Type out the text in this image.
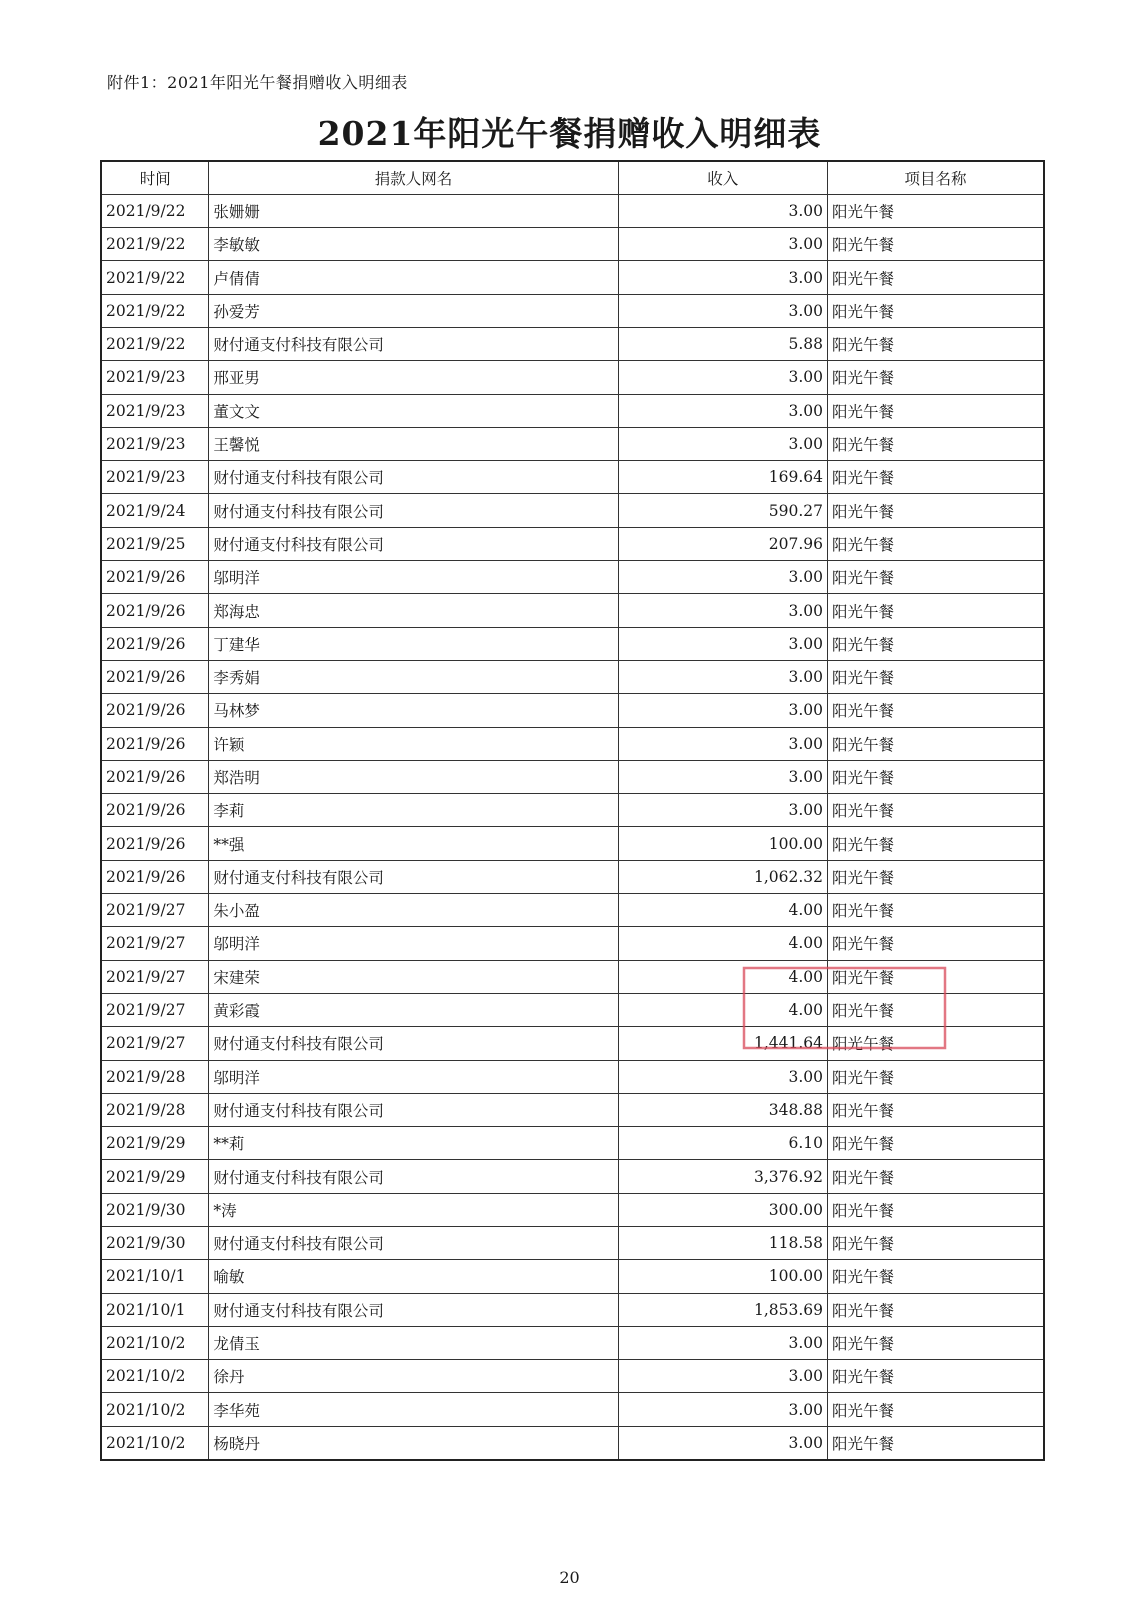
附件1：2021年阳光午餐捐赠收入明细表
2021年阳光午餐捐赠收入明细表
时间	捐款人网名	收入	项目名称
2021/9/22	张姗姗	3.00	阳光午餐
2021/9/22	李敏敏	3.00	阳光午餐
2021/9/22	卢倩倩	3.00	阳光午餐
2021/9/22	孙爱芳	3.00	阳光午餐
2021/9/22	财付通支付科技有限公司	5.88	阳光午餐
2021/9/23	邢亚男	3.00	阳光午餐
2021/9/23	董文文	3.00	阳光午餐
2021/9/23	王馨悦	3.00	阳光午餐
2021/9/23	财付通支付科技有限公司	169.64	阳光午餐
2021/9/24	财付通支付科技有限公司	590.27	阳光午餐
2021/9/25	财付通支付科技有限公司	207.96	阳光午餐
2021/9/26	邬明洋	3.00	阳光午餐
2021/9/26	郑海忠	3.00	阳光午餐
2021/9/26	丁建华	3.00	阳光午餐
2021/9/26	李秀娟	3.00	阳光午餐
2021/9/26	马林梦	3.00	阳光午餐
2021/9/26	许颖	3.00	阳光午餐
2021/9/26	郑浩明	3.00	阳光午餐
2021/9/26	李莉	3.00	阳光午餐
2021/9/26	**强	100.00	阳光午餐
2021/9/26	财付通支付科技有限公司	1,062.32	阳光午餐
2021/9/27	朱小盈	4.00	阳光午餐
2021/9/27	邬明洋	4.00	阳光午餐
2021/9/27	宋建荣	4.00	阳光午餐
2021/9/27	黄彩霞	4.00	阳光午餐
2021/9/27	财付通支付科技有限公司	1,441.64	阳光午餐
2021/9/28	邬明洋	3.00	阳光午餐
2021/9/28	财付通支付科技有限公司	348.88	阳光午餐
2021/9/29	**莉	6.10	阳光午餐
2021/9/29	财付通支付科技有限公司	3,376.92	阳光午餐
2021/9/30	*涛	300.00	阳光午餐
2021/9/30	财付通支付科技有限公司	118.58	阳光午餐
2021/10/1	喻敏	100.00	阳光午餐
2021/10/1	财付通支付科技有限公司	1,853.69	阳光午餐
2021/10/2	龙倩玉	3.00	阳光午餐
2021/10/2	徐丹	3.00	阳光午餐
2021/10/2	李华苑	3.00	阳光午餐
2021/10/2	杨晓丹	3.00	阳光午餐
20
